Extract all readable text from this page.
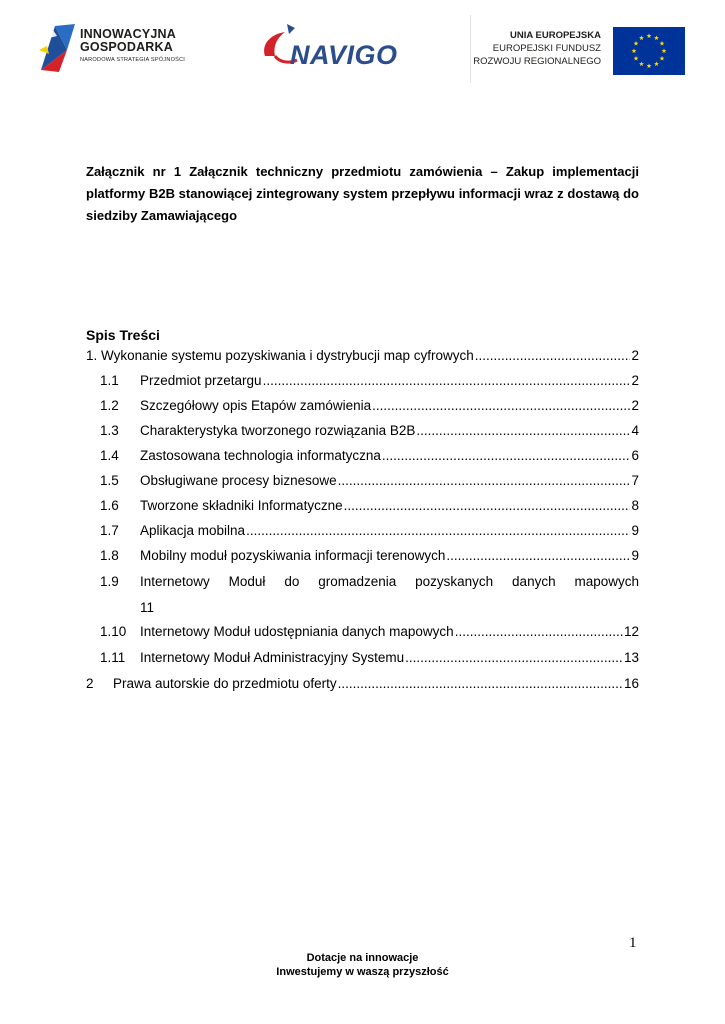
INNOWACYJNA
GOSPODARKA
NARODOWA STRATEGIA SPÓJNOŚCI	NAVIGO
UNIA EUROPEJSKA
EUROPEJSKI FUNDUSZ
ROZWOJU REGIONALNEGO
Załącznik nr 1 Załącznik techniczny przedmiotu zamówienia – Zakup implementacji platformy B2B stanowiącej zintegrowany system przepływu informacji wraz z dostawą do siedziby Zamawiającego
Spis Treści
1. Wykonanie systemu pozyskiwania i dystrybucji map cyfrowych .....	2
1.1	Przedmiot przetargu .....	2
1.2	Szczegółowy opis Etapów zamówienia .....	2
1.3	Charakterystyka tworzonego rozwiązania B2B .....	4
1.4	Zastosowana technologia informatyczna .....	6
1.5	Obsługiwane procesy biznesowe .....	7
1.6	Tworzone składniki Informatyczne .....	8
1.7	Aplikacja mobilna .....	9
1.8	Mobilny moduł pozyskiwania informacji terenowych .....	9
1.9 Internetowy Moduł do gromadzenia pozyskanych danych mapowych
11
1.10	Internetowy Moduł udostępniania danych mapowych .....	12
1.11	Internetowy Moduł Administracyjny Systemu .....	13
2	Prawa autorskie do przedmiotu oferty .....	16
1
Dotacje na innowacje
Inwestujemy w waszą przyszłość
